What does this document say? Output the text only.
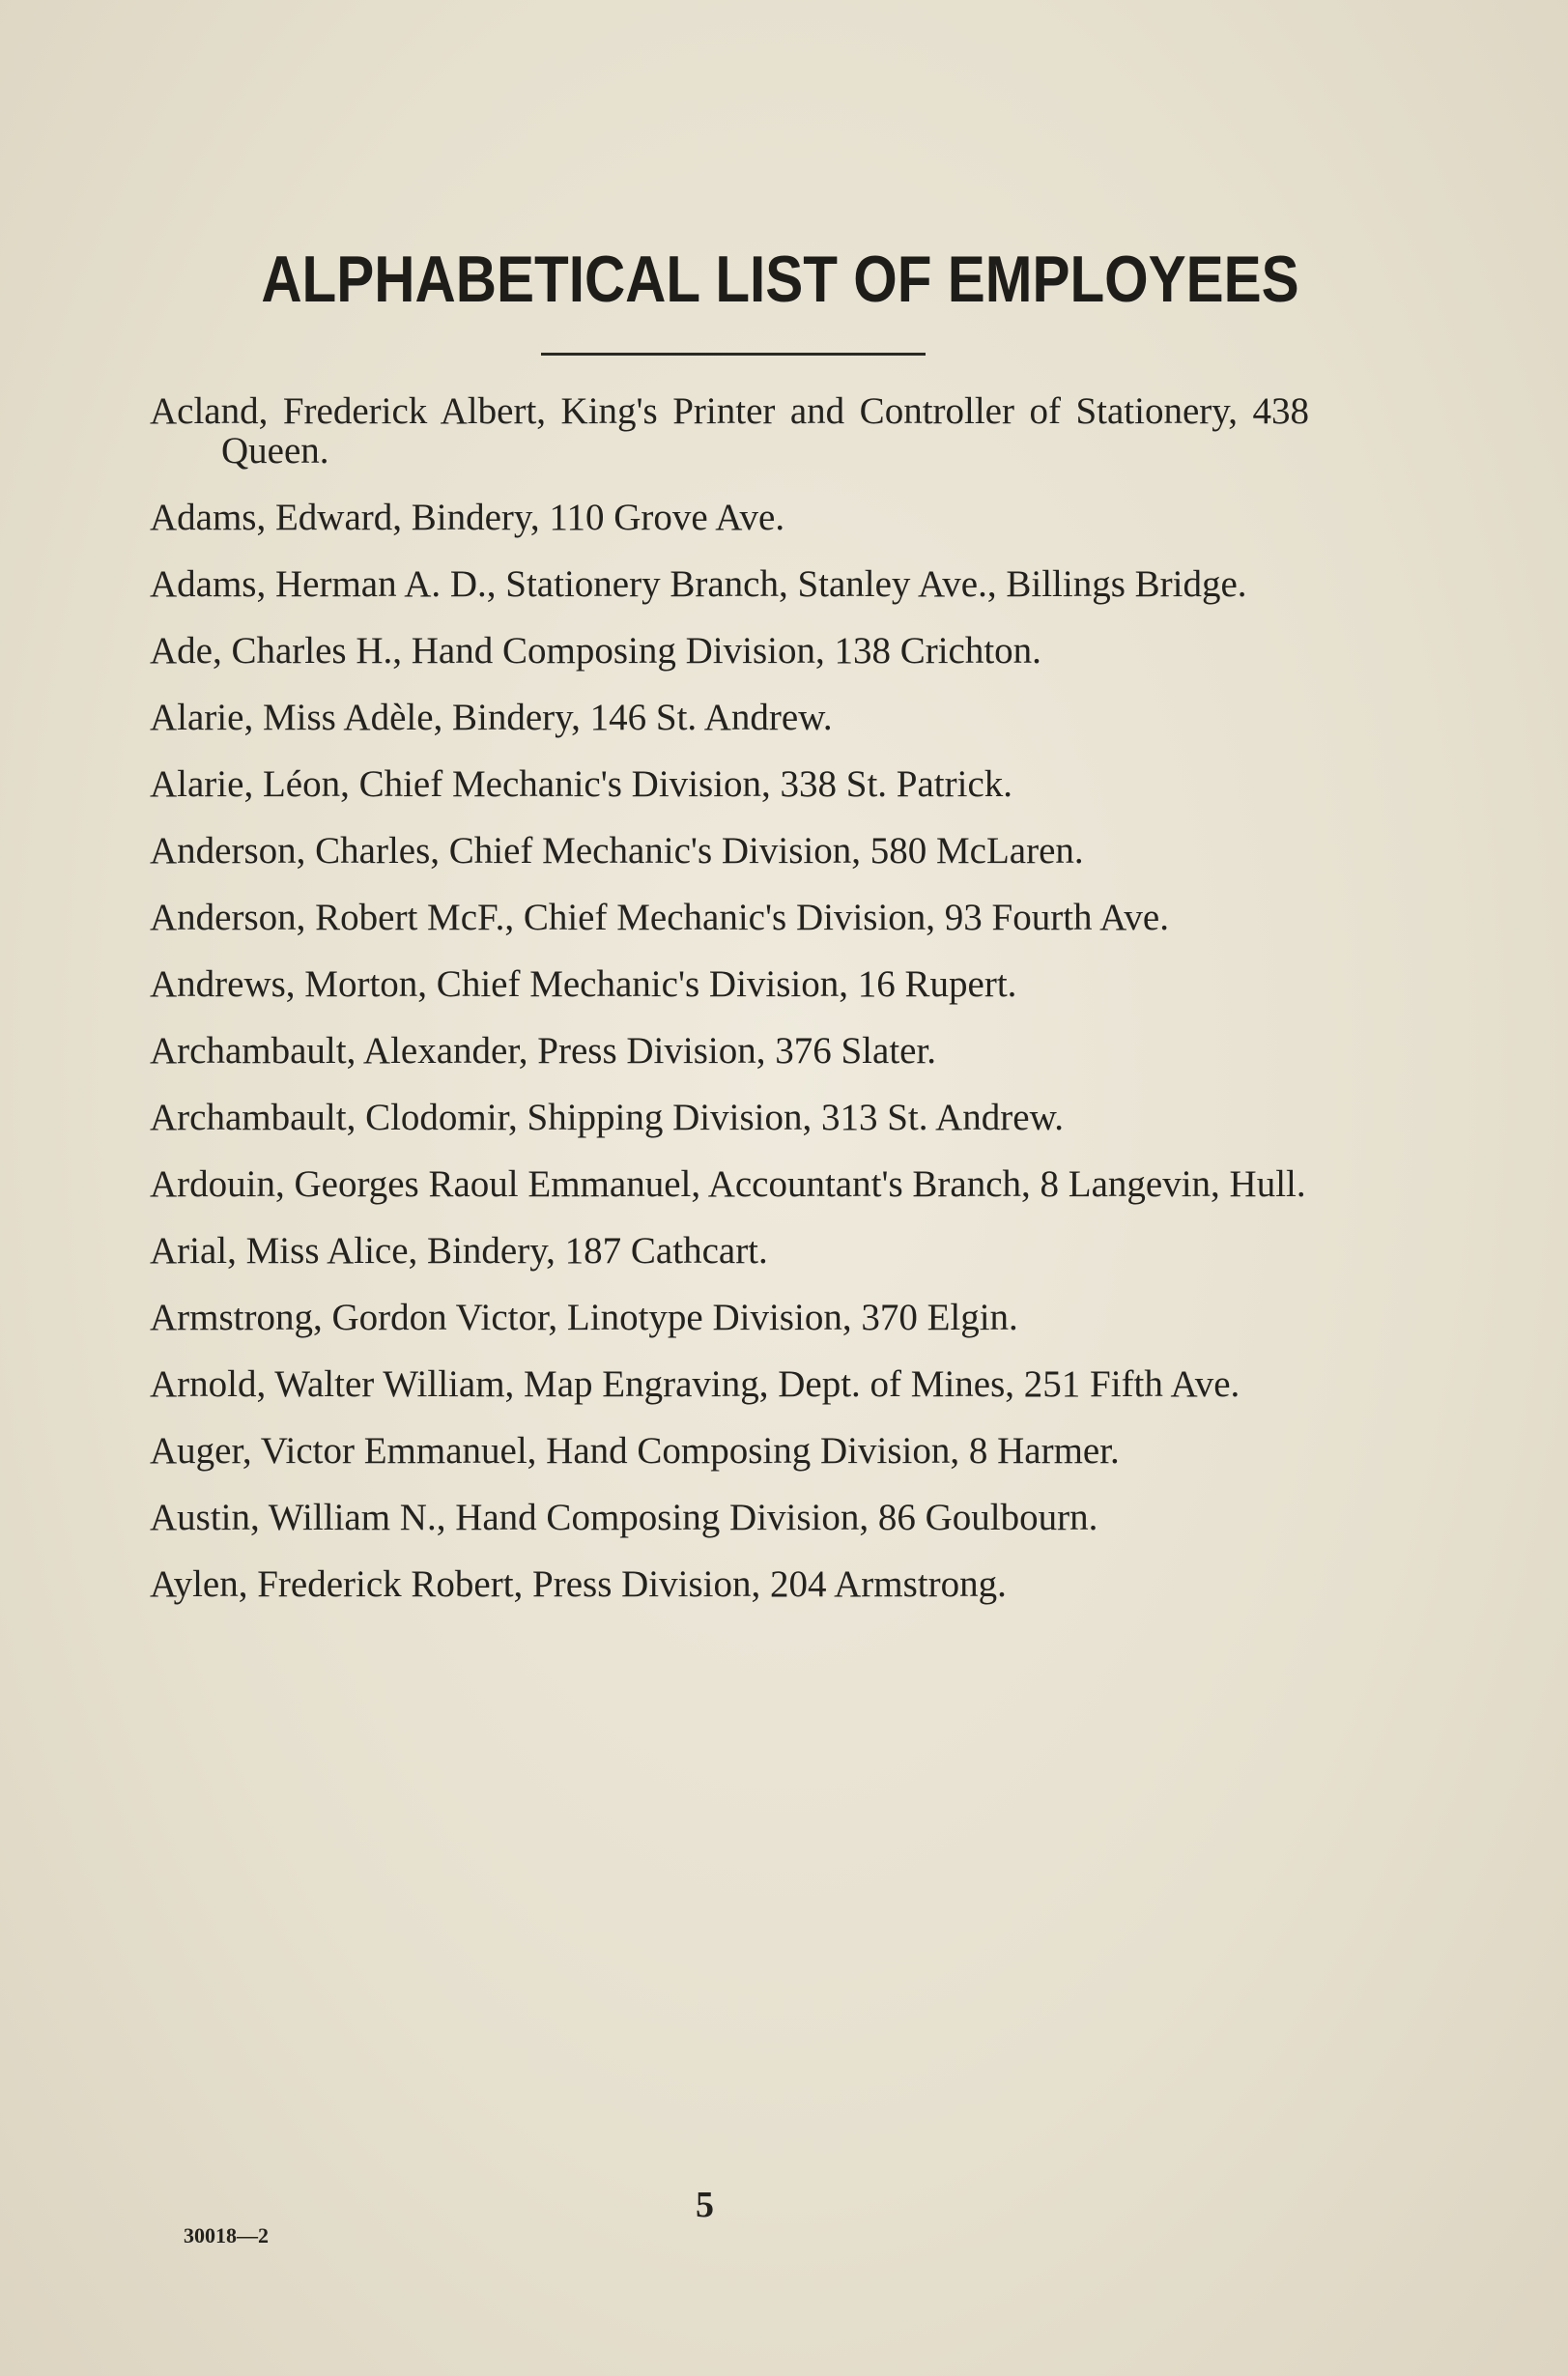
ALPHABETICAL LIST OF EMPLOYEES
Acland, Frederick Albert, King's Printer and Controller of Stationery, 438 Queen.
Adams, Edward, Bindery, 110 Grove Ave.
Adams, Herman A. D., Stationery Branch, Stanley Ave., Billings Bridge.
Ade, Charles H., Hand Composing Division, 138 Crichton.
Alarie, Miss Adèle, Bindery, 146 St. Andrew.
Alarie, Léon, Chief Mechanic's Division, 338 St. Patrick.
Anderson, Charles, Chief Mechanic's Division, 580 McLaren.
Anderson, Robert McF., Chief Mechanic's Division, 93 Fourth Ave.
Andrews, Morton, Chief Mechanic's Division, 16 Rupert.
Archambault, Alexander, Press Division, 376 Slater.
Archambault, Clodomir, Shipping Division, 313 St. Andrew.
Ardouin, Georges Raoul Emmanuel, Accountant's Branch, 8 Langevin, Hull.
Arial, Miss Alice, Bindery, 187 Cathcart.
Armstrong, Gordon Victor, Linotype Division, 370 Elgin.
Arnold, Walter William, Map Engraving, Dept. of Mines, 251 Fifth Ave.
Auger, Victor Emmanuel, Hand Composing Division, 8 Harmer.
Austin, William N., Hand Composing Division, 86 Goulbourn.
Aylen, Frederick Robert, Press Division, 204 Armstrong.
5
30018—2
